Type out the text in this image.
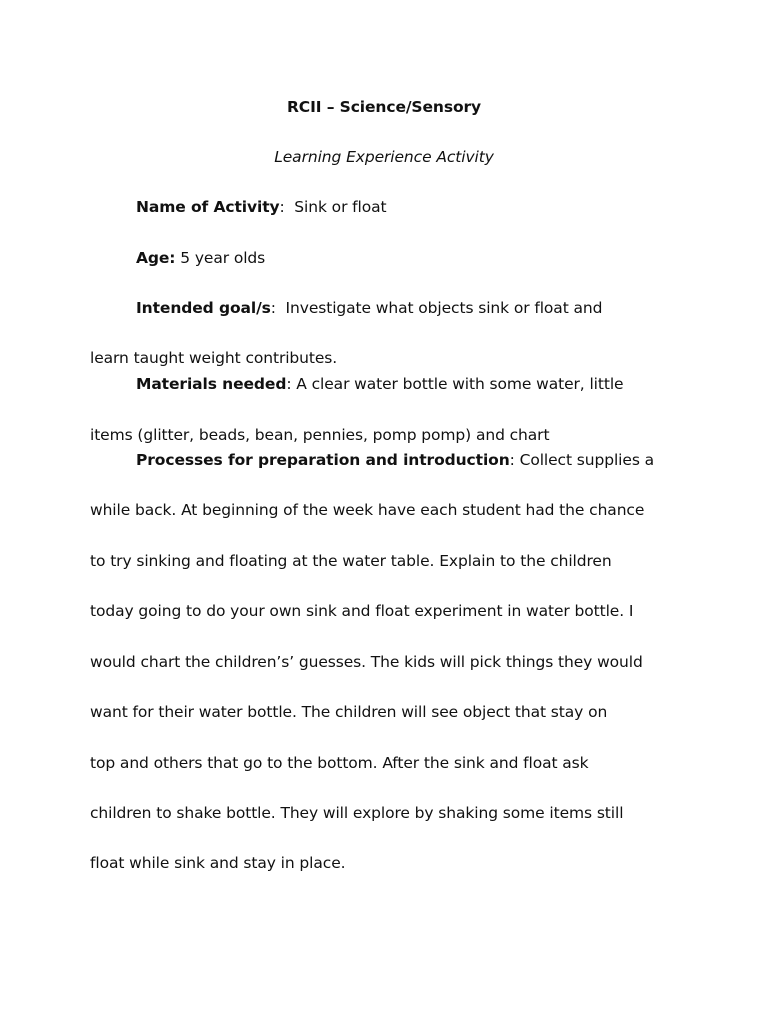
RCII – Science/Sensory
Learning Experience Activity
Name of Activity:  Sink or float
Age: 5 year olds
Intended goal/s:  Investigate what objects sink or float and
learn taught weight contributes.
Materials needed: A clear water bottle with some water, little
items (glitter, beads, bean, pennies, pomp pomp) and chart
Processes for preparation and introduction: Collect supplies a
while back. At beginning of the week have each student had the chance
to try sinking and floating at the water table. Explain to the children
today going to do your own sink and float experiment in water bottle. I
would chart the children’s’ guesses. The kids will pick things they would
want for their water bottle. The children will see object that stay on
top and others that go to the bottom. After the sink and float ask
children to shake bottle. They will explore by shaking some items still
float while sink and stay in place.
